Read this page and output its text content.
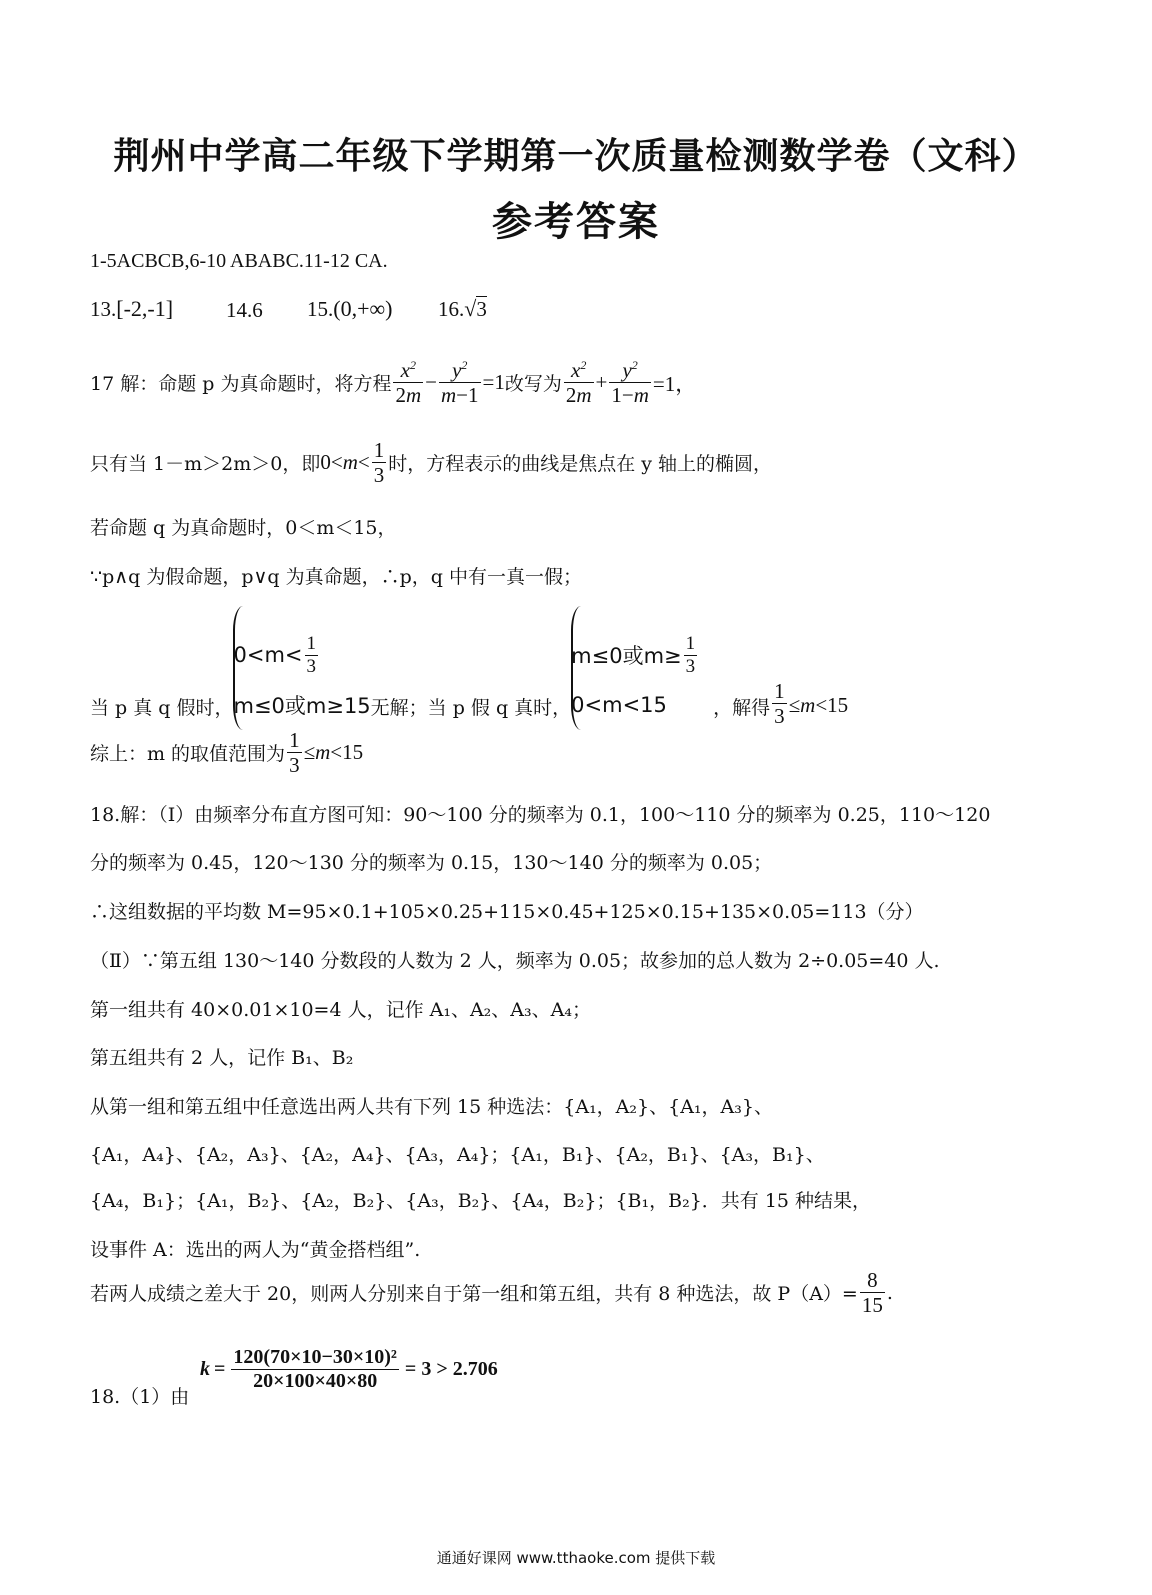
荆州中学高二年级下学期第一次质量检测数学卷（文科）
参考答案
1-5ACBCB,6-10 ABABC.11-12 CA.
13.[-2,-1]	14.6 15.(0,+∞) 16.√3
17 解：命题 p 为真命题时，将方程 $\frac{x^2}{2m} - \frac{y^2}{m-1} =1$ 改写为 $\frac{x^2}{2m} + \frac{y^2}{1-m} =1$，
只有当 1－m＞2m＞0，即 $0<m< \frac{1}{3}$ 时，方程表示的曲线是焦点在 y 轴上的椭圆，
若命题 q 为真命题时，0＜m＜15，
∵p∧q 为假命题，p∨q 为真命题，∴p，q 中有一真一假；
当 p 真 q 假时，
$0<m< \frac{1}{3}$
m≤0或m≥15 无解；当 p 假 q 真时，
m≤0或$m\ge \frac{1}{3}$
0<m<15	，解得 $\frac{1}{3} \le m<15$
综上：m 的取值范围为 $\frac{1}{3} \le m<15$
18.解：（Ⅰ）由频率分布直方图可知：90～100 分的频率为 0.1，100～110 分的频率为 0.25，110～120
分的频率为 0.45，120～130 分的频率为 0.15，130～140 分的频率为 0.05；
∴这组数据的平均数 M=95×0.1+105×0.25+115×0.45+125×0.15+135×0.05=113（分）
（Ⅱ）∵第五组 130～140 分数段的人数为 2 人，频率为 0.05；故参加的总人数为 2÷0.05=40 人.
第一组共有 40×0.01×10=4 人，记作 A₁、A₂、A₃、A₄；
第五组共有 2 人，记作 B₁、B₂
从第一组和第五组中任意选出两人共有下列 15 种选法：{A₁，A₂}、{A₁，A₃}、
{A₁，A₄}、{A₂，A₃}、{A₂，A₄}、{A₃，A₄}；{A₁，B₁}、{A₂，B₁}、{A₃，B₁}、
{A₄，B₁}；{A₁，B₂}、{A₂，B₂}、{A₃，B₂}、{A₄，B₂}；{B₁，B₂}．共有 15 种结果，
设事件 A：选出的两人为“黄金搭档组”.
若两人成绩之差大于 20，则两人分别来自于第一组和第五组，共有 8 种选法，故 $P(A)= \frac{8}{15}$ .
18.（1）由
$k = \frac{\text{120(70×10−30×10)²}}{20\times 100\times 40\times 80} = 3 > 2.706$
通通好课网 www.tthaoke.com 提供下载
